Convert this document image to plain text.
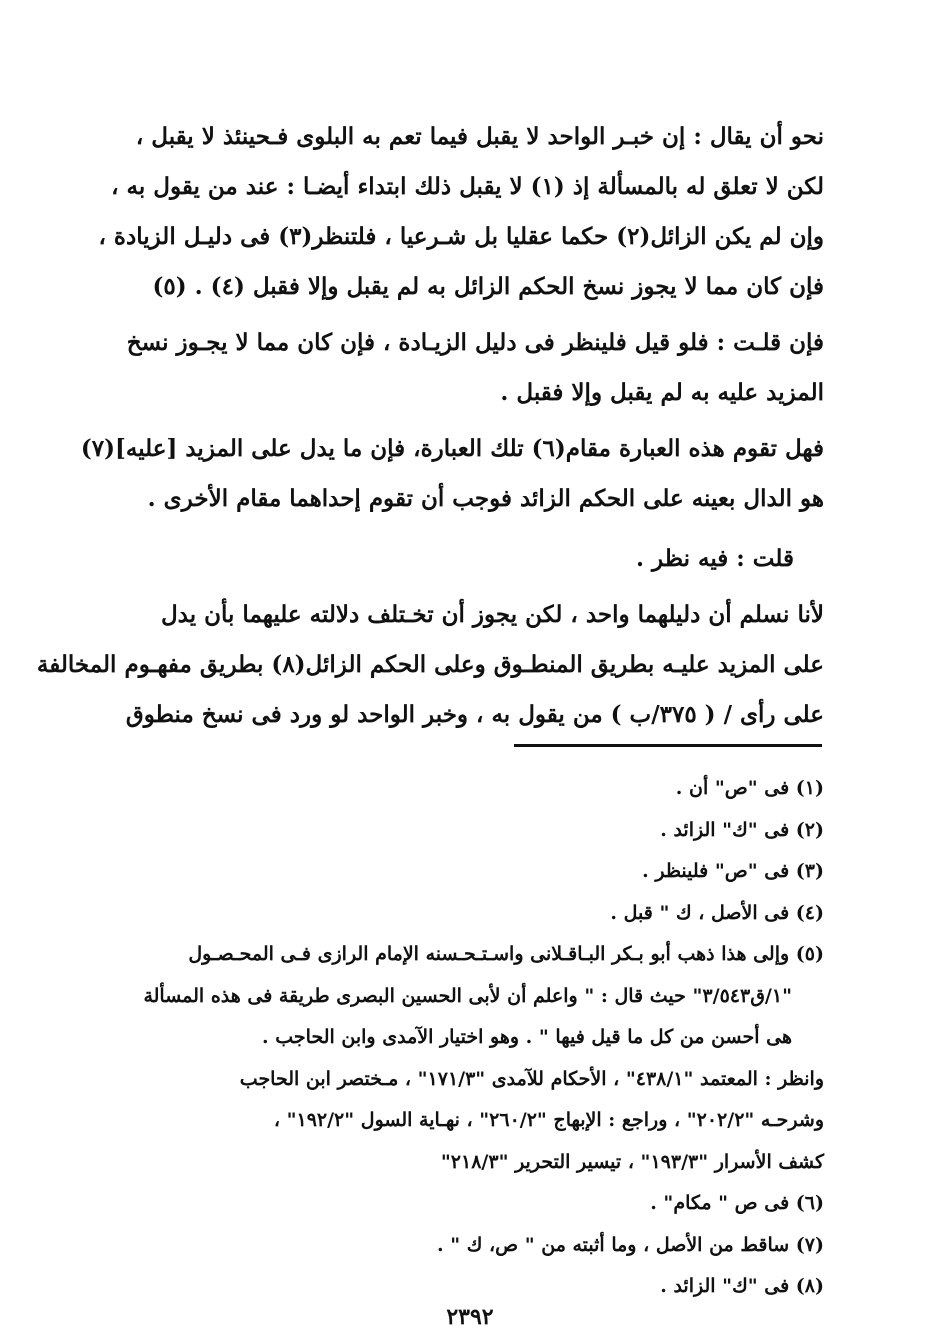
نحو أن يقال : إن خبـر الواحد لا يقبل فيما تعم به البلوى فـحينئذ لا يقبل ،
لكن لا تعلق له بالمسألة إذ (١) لا يقبل ذلك ابتداء أيضـا : عند من يقول به ،
وإن لم يكن الزائل(٢) حكما عقليا بل شـرعيا ، فلتنظر(٣) فى دليـل الزيادة ،
فإن كان مما لا يجوز نسخ الحكم الزائل به لم يقبل وإلا فقبل (٤) . (٥)
فإن قلـت : فلو قيل فلينظر فى دليل الزيـادة ، فإن كان مما لا يجـوز نسخ
المزيد عليه به لم يقبل وإلا فقبل .
فهل تقوم هذه العبارة مقام(٦) تلك العبارة، فإن ما يدل على المزيد [عليه](٧)
هو الدال بعينه على الحكم الزائد فوجب أن تقوم إحداهما مقام الأخرى .
قلت : فيه نظر .
لأنا نسلم أن دليلهما واحد ، لكن يجوز أن تخـتلف دلالته عليهما بأن يدل
على المزيد عليـه بطريق المنطـوق وعلى الحكم الزائل(٨) بطريق مفهـوم المخالفة
على رأى / ( ٣٧٥/ب ) من يقول به ، وخبر الواحد لو ورد فى نسخ منطوق
(١) فى "ص" أن .
(٢) فى "ك" الزائد .
(٣) فى "ص" فلينظر .
(٤) فى الأصل ، ك " قبل .
(٥) وإلى هذا ذهب أبو بـكر البـاقـلانى واسـتـحـسنه الإمام الرازى فـى المحـصـول
"١/ق٣/٥٤٣" حيث قال : " واعلم أن لأبى الحسين البصرى طريقة فى هذه المسألة
هى أحسن من كل ما قيل فيها " . وهو اختيار الآمدى وابن الحاجب .
وانظر : المعتمد "٤٣٨/١" ، الأحكام للآمدى "١٧١/٣" ، مـختصر ابن الحاجب
وشرحـه "٢٠٢/٢" ، وراجع : الإبهاج "٢٦٠/٢" ، نهـاية السول "١٩٢/٢" ،
كشف الأسرار "١٩٣/٣" ، تيسير التحرير "٢١٨/٣"
(٦) فى ص " مكام" .
(٧) ساقط من الأصل ، وما أثبته من " ص، ك " .
(٨) فى "ك" الزائد .
٢٣٩٢
